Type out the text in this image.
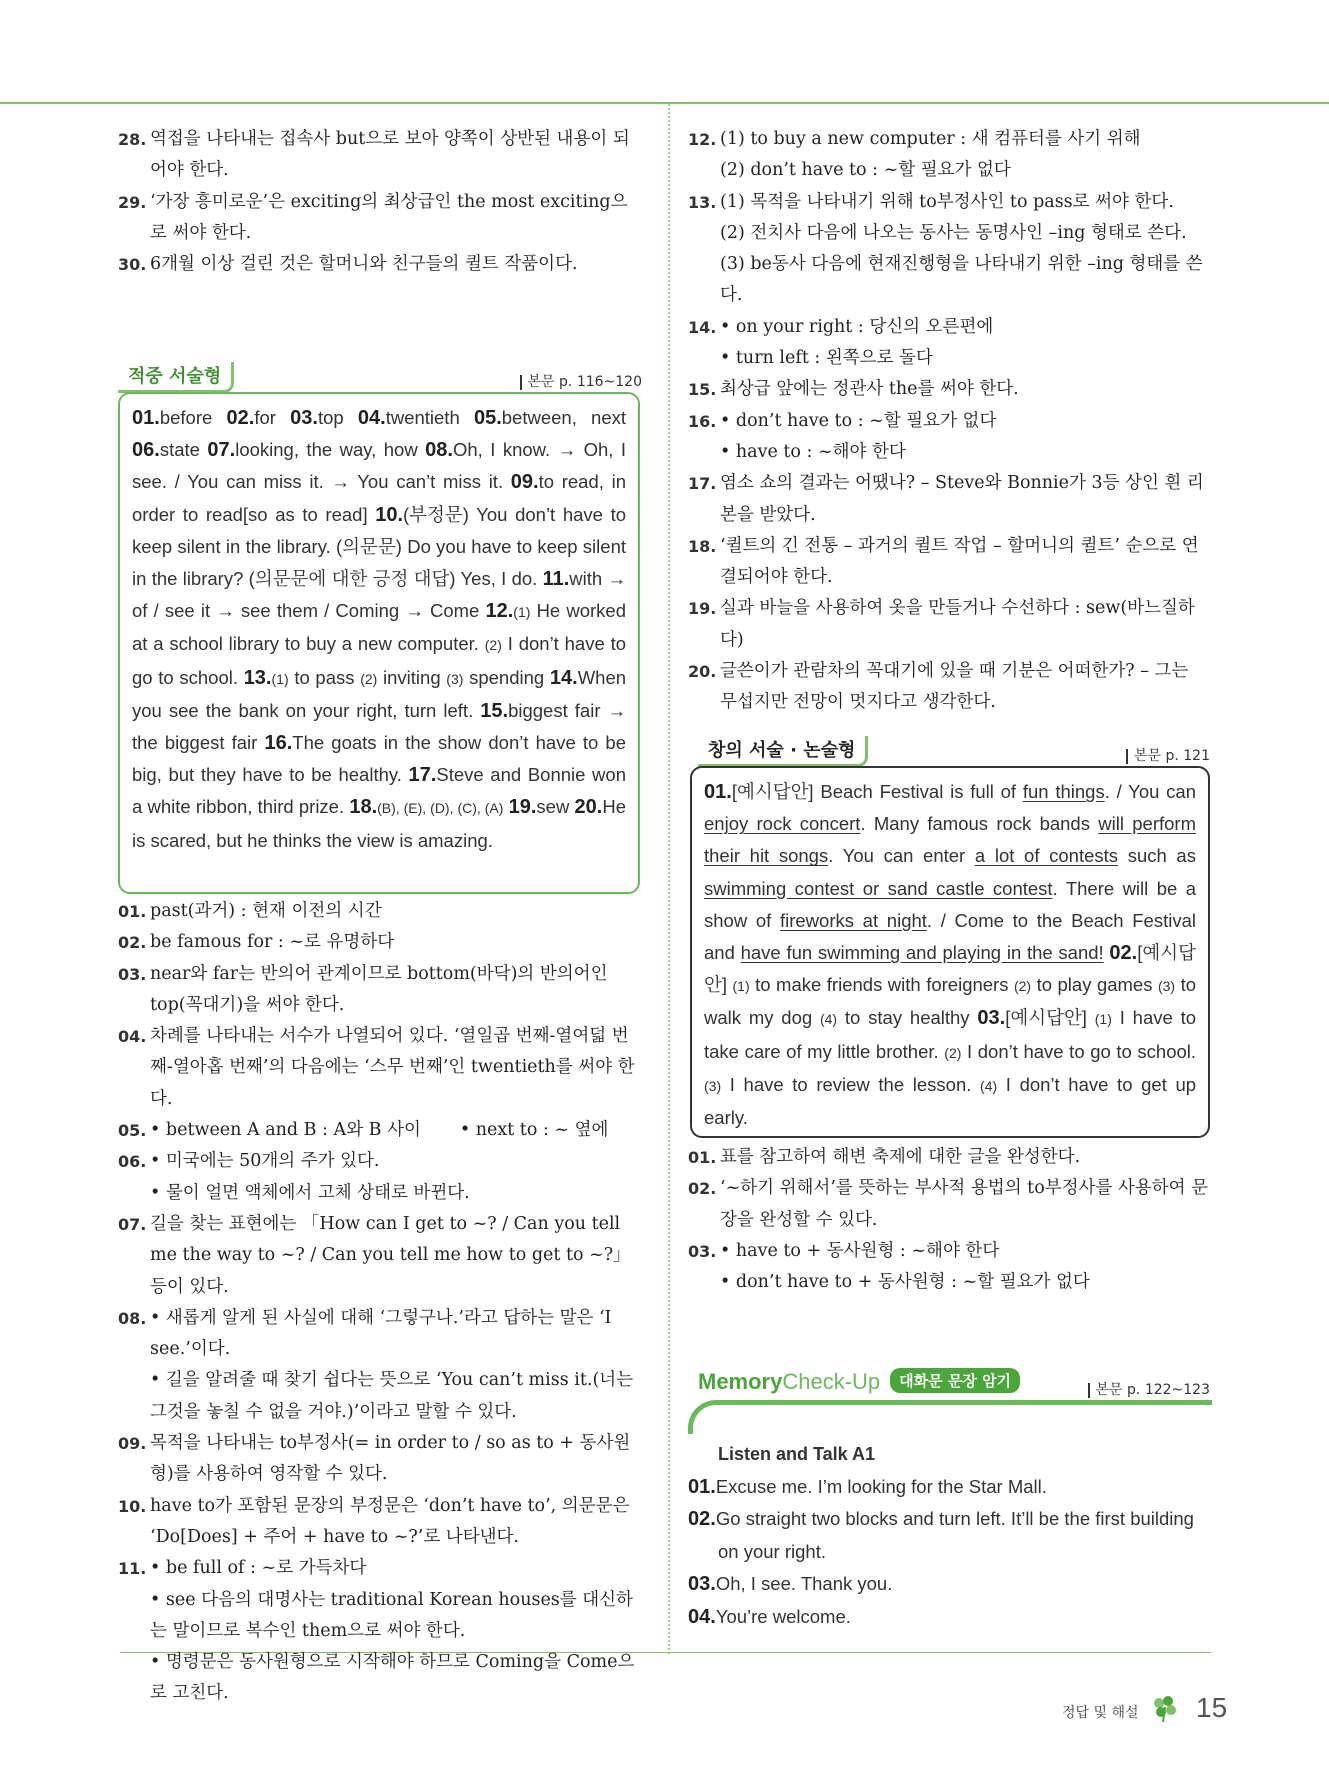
28. 역접을 나타내는 접속사 but으로 보아 양쪽이 상반된 내용이 되어야 한다.
29. ‘가장 흥미로운’은 exciting의 최상급인 the most exciting으로 써야 한다.
30. 6개월 이상 걸린 것은 할머니와 친구들의 퀼트 작품이다.
적중 서술형	본문 p. 116~120
01.before 02.for 03.top 04.twentieth 05.between, next 06.state 07.looking, the way, how 08.Oh, I know. → Oh, I see. / You can miss it. → You can’t miss it. 09.to read, in order to read[so as to read] 10.(부정문) You don’t have to keep silent in the library. (의문문) Do you have to keep silent in the library? (의문문에 대한 긍정 대답) Yes, I do. 11.with → of / see it → see them / Coming → Come 12.(1) He worked at a school library to buy a new computer. (2) I don’t have to go to school. 13.(1) to pass (2) inviting (3) spending 14.When you see the bank on your right, turn left. 15.biggest fair → the biggest fair 16.The goats in the show don’t have to be big, but they have to be healthy. 17.Steve and Bonnie won a white ribbon, third prize. 18.(B), (E), (D), (C), (A) 19.sew 20.He is scared, but he thinks the view is amazing.
01. past(과거) : 현재 이전의 시간
02. be famous for : ~로 유명하다
03. near와 far는 반의어 관계이므로 bottom(바닥)의 반의어인 top(꼭대기)을 써야 한다.
04. 차례를 나타내는 서수가 나열되어 있다. ‘열일곱 번째-열여덟 번째-열아홉 번째’의 다음에는 ‘스무 번째’인 twentieth를 써야 한다.
05. • between A and B : A와 B 사이       • next to : ~ 옆에
06. • 미국에는 50개의 주가 있다.
• 물이 얼면 액체에서 고체 상태로 바뀐다.
07. 길을 찾는 표현에는 「How can I get to ~? / Can you tell me the way to ~? / Can you tell me how to get to ~?」 등이 있다.
08. • 새롭게 알게 된 사실에 대해 ‘그렇구나.’라고 답하는 말은 ‘I see.’이다.
• 길을 알려줄 때 찾기 쉽다는 뜻으로 ‘You can’t miss it.(너는 그것을 놓칠 수 없을 거야.)’이라고 말할 수 있다.
09. 목적을 나타내는 to부정사(= in order to / so as to + 동사원형)를 사용하여 영작할 수 있다.
10. have to가 포함된 문장의 부정문은 ‘don’t have to’, 의문문은 ‘Do[Does] + 주어 + have to ~?’로 나타낸다.
11. • be full of : ~로 가득차다
• see 다음의 대명사는 traditional Korean houses를 대신하는 말이므로 복수인 them으로 써야 한다.
• 명령문은 동사원형으로 시작해야 하므로 Coming을 Come으로 고친다.
12. (1) to buy a new computer : 새 컴퓨터를 사기 위해
(2) don’t have to : ~할 필요가 없다
13. (1) 목적을 나타내기 위해 to부정사인 to pass로 써야 한다.
(2) 전치사 다음에 나오는 동사는 동명사인 –ing 형태로 쓴다.
(3) be동사 다음에 현재진행형을 나타내기 위한 –ing 형태를 쓴다.
14. • on your right : 당신의 오른편에
• turn left : 왼쪽으로 돌다
15. 최상급 앞에는 정관사 the를 써야 한다.
16. • don’t have to : ~할 필요가 없다
• have to : ~해야 한다
17. 염소 쇼의 결과는 어땠나? – Steve와 Bonnie가 3등 상인 흰 리본을 받았다.
18. ‘퀼트의 긴 전통 – 과거의 퀼트 작업 – 할머니의 퀼트’ 순으로 연결되어야 한다.
19. 실과 바늘을 사용하여 옷을 만들거나 수선하다 : sew(바느질하다)
20. 글쓴이가 관람차의 꼭대기에 있을 때 기분은 어떠한가? – 그는 무섭지만 전망이 멋지다고 생각한다.
창의 서술 · 논술형	본문 p. 121
01.[예시답안] Beach Festival is full of fun things. / You can enjoy rock concert. Many famous rock bands will perform their hit songs. You can enter a lot of contests such as swimming contest or sand castle contest. There will be a show of fireworks at night. / Come to the Beach Festival and have fun swimming and playing in the sand! 02.[예시답안] (1) to make friends with foreigners (2) to play games (3) to walk my dog (4) to stay healthy 03.[예시답안] (1) I have to take care of my little brother. (2) I don’t have to go to school. (3) I have to review the lesson. (4) I don’t have to get up early.
01. 표를 참고하여 해변 축제에 대한 글을 완성한다.
02. ‘~하기 위해서’를 뜻하는 부사적 용법의 to부정사를 사용하여 문장을 완성할 수 있다.
03. • have to + 동사원형 : ~해야 한다
• don’t have to + 동사원형 : ~할 필요가 없다
MemoryCheck-Up 대화문 문장 암기	본문 p. 122~123
Listen and Talk A1
01.Excuse me. I’m looking for the Star Mall.
02.Go straight two blocks and turn left. It’ll be the first building on your right.
03.Oh, I see. Thank you.
04.You’re welcome.
정답 및 해설 15
